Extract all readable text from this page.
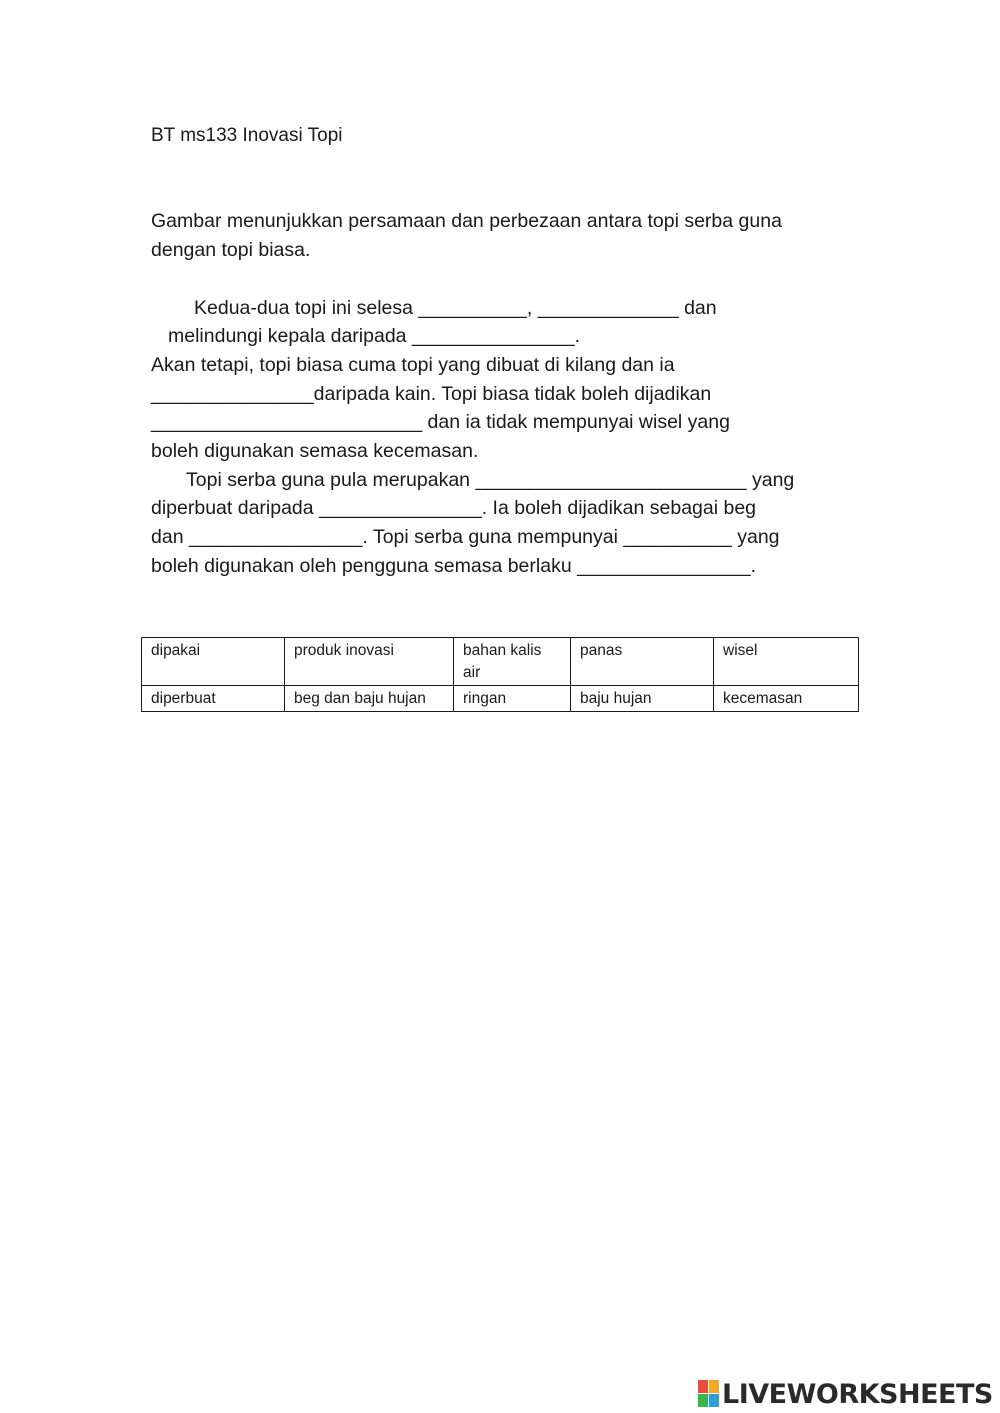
BT ms133 Inovasi Topi
Gambar menunjukkan persamaan dan perbezaan antara topi serba guna
dengan topi biasa.
Kedua-dua topi ini selesa __________, _____________ dan
melindungi kepala daripada _______________.
Akan tetapi, topi biasa cuma topi yang dibuat di kilang dan ia
_______________daripada kain. Topi biasa tidak boleh dijadikan
_________________________ dan ia tidak mempunyai wisel yang
boleh digunakan semasa kecemasan.
Topi serba guna pula merupakan _________________________ yang
diperbuat daripada _______________. Ia boleh dijadikan sebagai beg
dan ________________. Topi serba guna mempunyai __________ yang
boleh digunakan oleh pengguna semasa berlaku ________________.
dipakai	produk inovasi	bahan kalis air	panas	wisel
diperbuat	beg dan baju hujan	ringan	baju hujan	kecemasan
LIVEWORKSHEETS
